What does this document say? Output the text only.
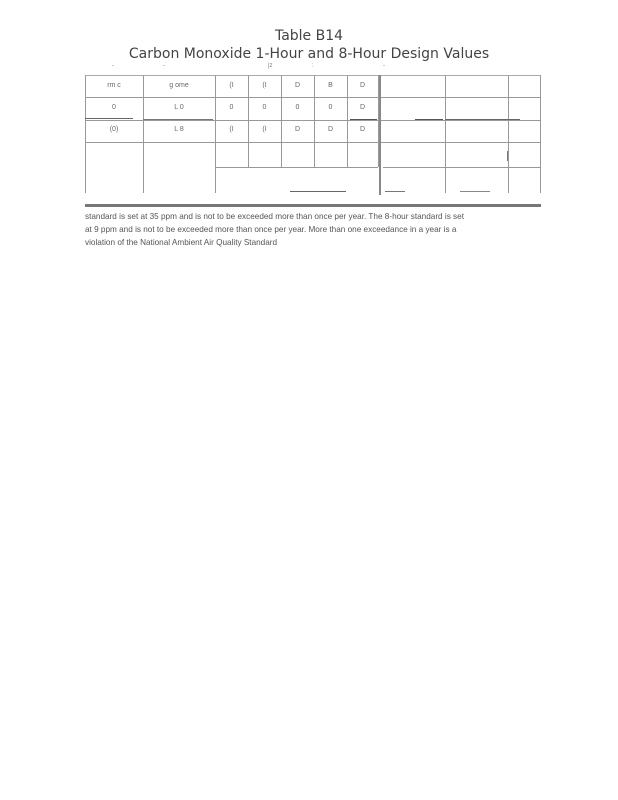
Table B14
Carbon Monoxide 1-Hour and 8-Hour Design Values
-	-	|z	:	-
rm c	g ome	(I	(I	D	B	D
0	L 0	0	0	0	0	D
(0)	L 8	(I	(I	D	D	D
standard is set at 35 ppm and is not to be exceeded more than once per year. The 8-hour standard is set
at 9 ppm and is not to be exceeded more than once per year. More than one exceedance in a year is a
violation of the National Ambient Air Quality Standard
